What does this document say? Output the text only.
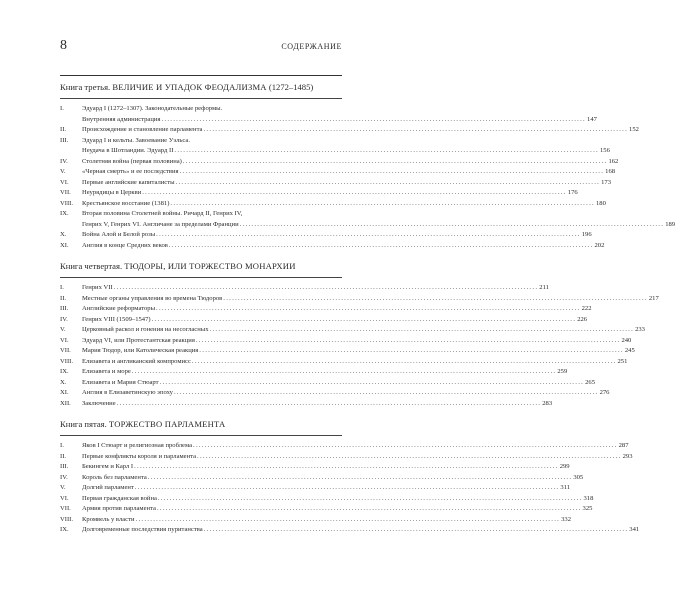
8	СОДЕРЖАНИЕ
Книга третья. ВЕЛИЧИЕ И УПАДОК ФЕОДАЛИЗМА (1272–1485)
I.	Эдуард I (1272–1307). Законодательные реформы.
Внутренняя администрация .....	147
II.	Происхождение и становление парламента .....	152
III.	Эдуард I и кельты. Завоевание Уэльса.
Неудача в Шотландии. Эдуард II .....	156
IV.	Столетняя война (первая половина) .....	162
V.	«Черная смерть» и ее последствия .....	168
VI.	Первые английские капиталисты .....	173
VII.	Неурядицы в Церкви .....	176
VIII.	Крестьянское восстание (1381) .....	180
IX.	Вторая половина Столетней войны. Ричард II, Генрих IV,
Генрих V, Генрих VI. Англичане за пределами Франции .....	189
X.	Война Алой и Белой розы .....	196
XI.	Англия в конце Средних веков .....	202
Книга четвертая. ТЮДОРЫ, ИЛИ ТОРЖЕСТВО МОНАРХИИ
I.	Генрих VII .....	211
II.	Местные органы управления во времена Тюдоров .....	217
III.	Английские реформаторы .....	222
IV.	Генрих VIII (1509–1547) .....	226
V.	Церковный раскол и гонения на несогласных .....	233
VI.	Эдуард VI, или Протестантская реакция .....	240
VII.	Мария Тюдор, или Католическая реакция .....	245
VIII.	Елизавета и англиканский компромисс .....	251
IX.	Елизавета и море .....	259
X.	Елизавета и Мария Стюарт .....	265
XI.	Англия в Елизаветинскую эпоху .....	276
XII.	Заключение .....	283
Книга пятая. ТОРЖЕСТВО ПАРЛАМЕНТА
I.	Яков I Стюарт и религиозная проблема .....	287
II.	Первые конфликты короля и парламента .....	293
III.	Бекингем и Карл I .....	299
IV.	Король без парламента .....	305
V.	Долгий парламент .....	311
VI.	Первая гражданская война .....	318
VII.	Армия против парламента .....	325
VIII.	Кромвель у власти .....	332
IX.	Долговременные последствия пуританства .....	341
